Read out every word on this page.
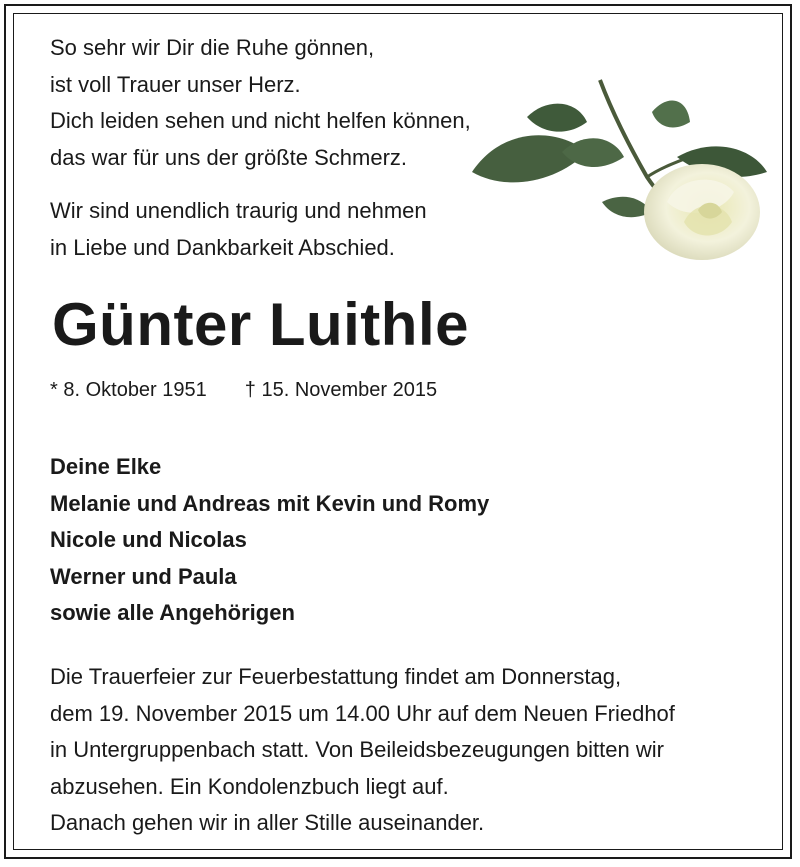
So sehr wir Dir die Ruhe gönnen,
ist voll Trauer unser Herz.
Dich leiden sehen und nicht helfen können,
das war für uns der größte Schmerz.
Wir sind unendlich traurig und nehmen
in Liebe und Dankbarkeit Abschied.
Günter Luithle
* 8. Oktober 1951 † 15. November 2015
Deine Elke
Melanie und Andreas mit Kevin und Romy
Nicole und Nicolas
Werner und Paula
sowie alle Angehörigen
Die Trauerfeier zur Feuerbestattung findet am Donnerstag,
dem 19. November 2015 um 14.00 Uhr auf dem Neuen Friedhof
in Untergruppenbach statt. Von Beileidsbezeugungen bitten wir
abzusehen. Ein Kondolenzbuch liegt auf.
Danach gehen wir in aller Stille auseinander.
